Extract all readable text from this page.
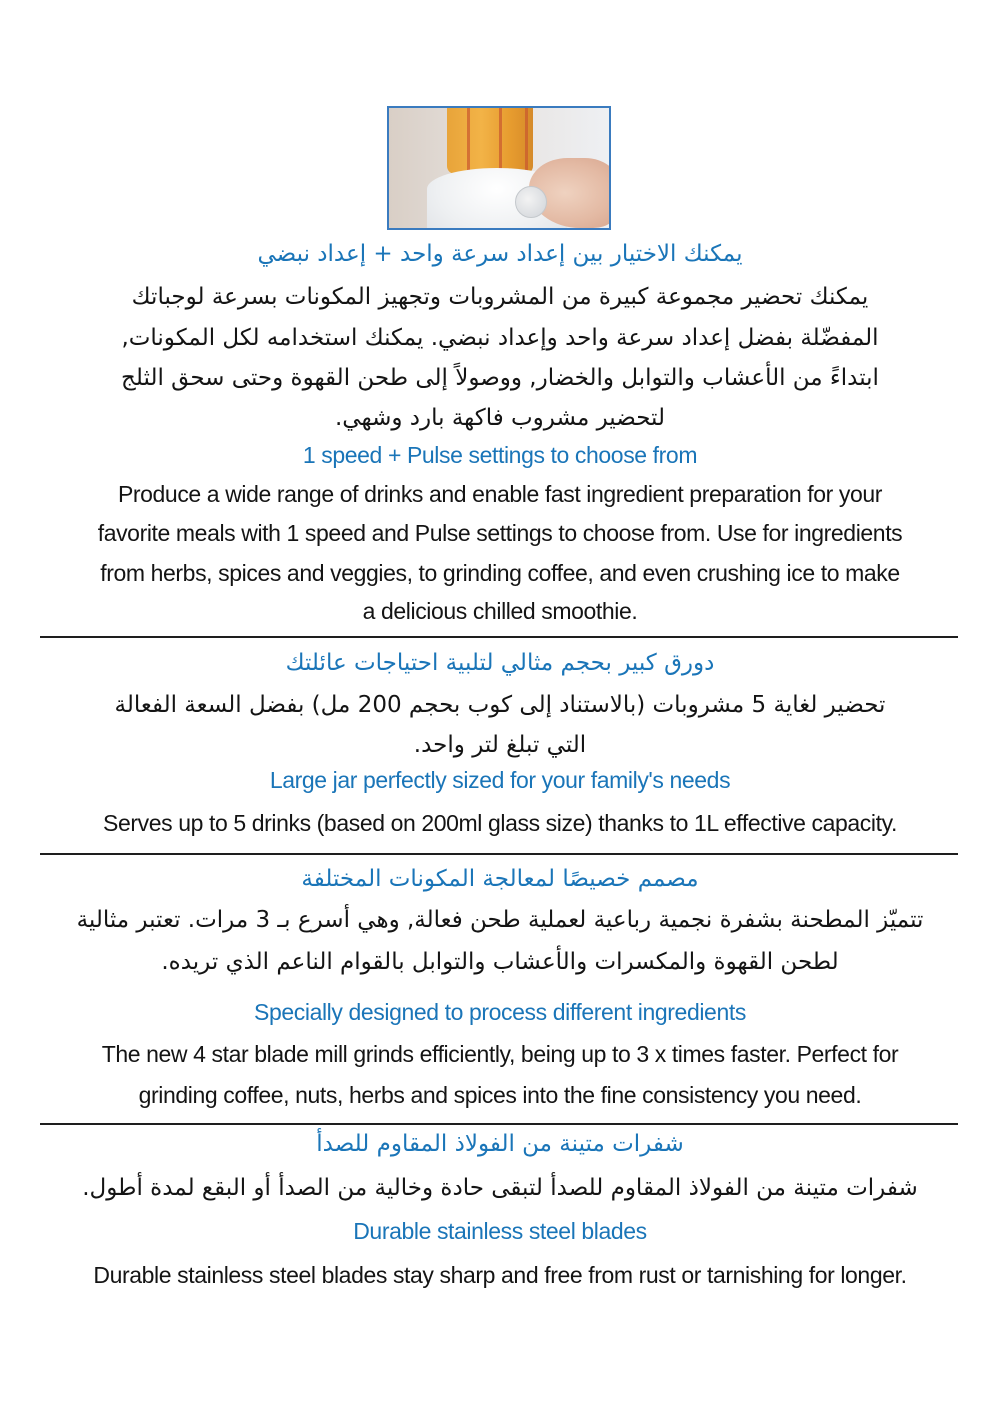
يمكنك الاختيار بين إعداد سرعة واحد + إعداد نبضي
يمكنك تحضير مجموعة كبيرة من المشروبات وتجهيز المكونات بسرعة لوجباتك
المفضّلة بفضل إعداد سرعة واحد وإعداد نبضي. يمكنك استخدامه لكل المكونات,
ابتداءً من الأعشاب والتوابل والخضار, ووصولاً إلى طحن القهوة وحتى سحق الثلج
لتحضير مشروب فاكهة بارد وشهي.
1 speed + Pulse settings to choose from
Produce a wide range of drinks and enable fast ingredient preparation for your
favorite meals with 1 speed and Pulse settings to choose from. Use for ingredients
from herbs, spices and veggies, to grinding coffee, and even crushing ice to make
a delicious chilled smoothie.
دورق كبير بحجم مثالي لتلبية احتياجات عائلتك
تحضير لغاية 5 مشروبات (بالاستناد إلى كوب بحجم 200 مل) بفضل السعة الفعالة
التي تبلغ لتر واحد.
Large jar perfectly sized for your family's needs
Serves up to 5 drinks (based on 200ml glass size) thanks to 1L effective capacity.
مصمم خصيصًا لمعالجة المكونات المختلفة
تتميّز المطحنة بشفرة نجمية رباعية لعملية طحن فعالة, وهي أسرع بـ 3 مرات. تعتبر مثالية
لطحن القهوة والمكسرات والأعشاب والتوابل بالقوام الناعم الذي تريده.
Specially designed to process different ingredients
The new 4 star blade mill grinds efficiently, being up to 3 x times faster. Perfect for
grinding coffee, nuts, herbs and spices into the fine consistency you need.
شفرات متينة من الفولاذ المقاوم للصدأ
شفرات متينة من الفولاذ المقاوم للصدأ لتبقى حادة وخالية من الصدأ أو البقع لمدة أطول.
Durable stainless steel blades
Durable stainless steel blades stay sharp and free from rust or tarnishing for longer.
